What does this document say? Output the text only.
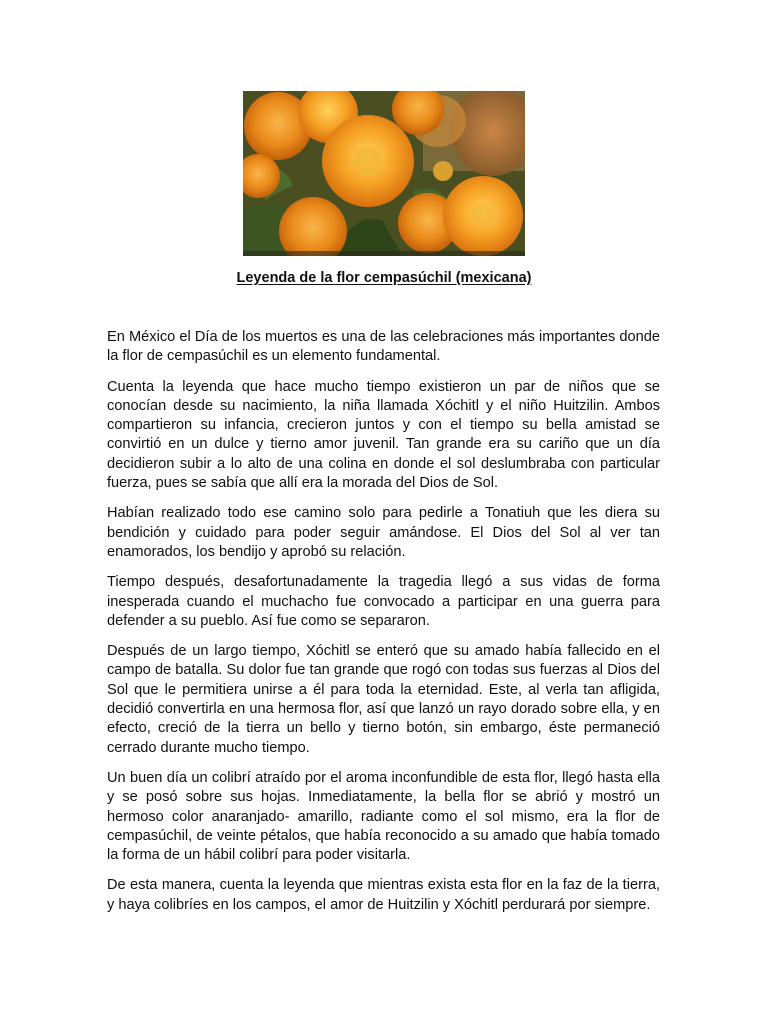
Leyenda de la flor cempasúchil (mexicana)

En México el Día de los muertos es una de las celebraciones más importantes donde la flor de cempasúchil es un elemento fundamental.

Cuenta la leyenda que hace mucho tiempo existieron un par de niños que se conocían desde su nacimiento, la niña llamada Xóchitl y el niño Huitzilin. Ambos compartieron su infancia, crecieron juntos y con el tiempo su bella amistad se convirtió en un dulce y tierno amor juvenil. Tan grande era su cariño que un día decidieron subir a lo alto de una colina en donde el sol deslumbraba con particular fuerza, pues se sabía que allí era la morada del Dios de Sol.

Habían realizado todo ese camino solo para pedirle a Tonatiuh que les diera su bendición y cuidado para poder seguir amándose. El Dios del Sol al ver tan enamorados, los bendijo y aprobó su relación.

Tiempo después, desafortunadamente la tragedia llegó a sus vidas de forma inesperada cuando el muchacho fue convocado a participar en una guerra para defender a su pueblo. Así fue como se separaron.

Después de un largo tiempo, Xóchitl se enteró que su amado había fallecido en el campo de batalla. Su dolor fue tan grande que rogó con todas sus fuerzas al Dios del Sol que le permitiera unirse a él para toda la eternidad. Este, al verla tan afligida, decidió convertirla en una hermosa flor, así que lanzó un rayo dorado sobre ella, y en efecto, creció de la tierra un bello y tierno botón, sin embargo, éste permaneció cerrado durante mucho tiempo.

Un buen día un colibrí atraído por el aroma inconfundible de esta flor, llegó hasta ella y se posó sobre sus hojas. Inmediatamente, la bella flor se abrió y mostró un hermoso color anaranjado- amarillo, radiante como el sol mismo, era la flor de cempasúchil, de veinte pétalos, que había reconocido a su amado que había tomado la forma de un hábil colibrí para poder visitarla.

De esta manera, cuenta la leyenda que mientras exista esta flor en la faz de la tierra, y haya colibríes en los campos, el amor de Huitzilin y Xóchitl perdurará por siempre.
